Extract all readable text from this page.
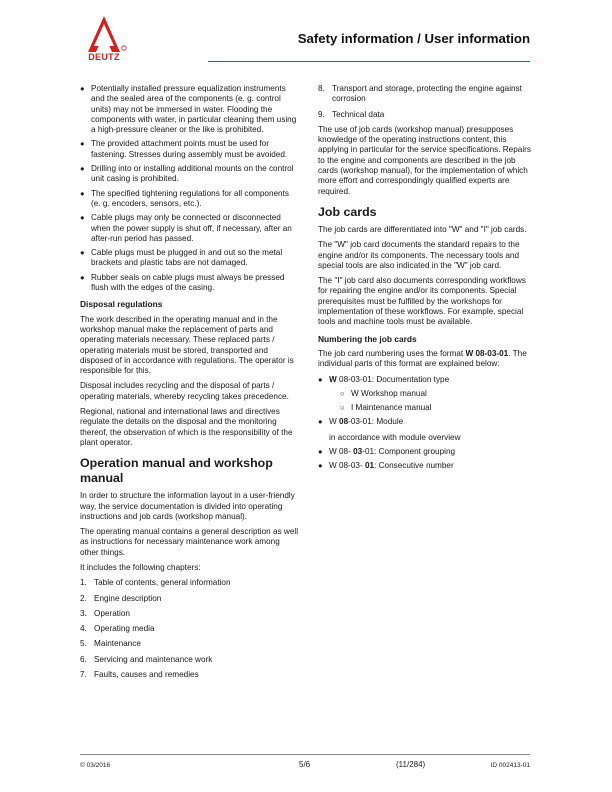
DEUTZ
Safety information / User information
● Potentially installed pressure equalization instruments and the sealed area of the components (e. g. control units) may not be immersed in water. Flooding the components with water, in particular cleaning them using a high-pressure cleaner or the like is prohibited.
● The provided attachment points must be used for fastening. Stresses during assembly must be avoided.
● Drilling into or installing additional mounts on the control unit casing is prohibited.
● The specified tightening regulations for all components (e. g. encoders, sensors, etc.).
● Cable plugs may only be connected or disconnected when the power supply is shut off, if necessary, after an after-run period has passed.
● Cable plugs must be plugged in and out so the metal brackets and plastic tabs are not damaged.
● Rubber seals on cable plugs must always be pressed flush with the edges of the casing.
Disposal regulations

The work described in the operating manual and in the workshop manual make the replacement of parts and operating materials necessary. These replaced parts / operating materials must be stored, transported and disposed of in accordance with regulations. The operator is responsible for this.

Disposal includes recycling and the disposal of parts / operating materials, whereby recycling takes precedence.

Regional, national and international laws and directives regulate the details on the disposal and the monitoring thereof, the observation of which is the responsibility of the plant operator.

Operation manual and workshop manual

In order to structure the information layout in a user-friendly way, the service documentation is divided into operating instructions and job cards (workshop manual).

The operating manual contains a general description as well as instructions for necessary maintenance work among other things.

It includes the following chapters:

1. Table of contents, general information
2. Engine description
3. Operation
4. Operating media
5. Maintenance
6. Servicing and maintenance work
7. Faults, causes and remedies
8. Transport and storage, protecting the engine against corrosion
9. Technical data

The use of job cards (workshop manual) presupposes knowledge of the operating instructions content, this applying in particular for the service specifications. Repairs to the engine and components are described in the job cards (workshop manual), for the implementation of which more effort and correspondingly qualified experts are required.

Job cards

The job cards are differentiated into "W" and "I" job cards.

The "W" job card documents the standard repairs to the engine and/or its components. The necessary tools and special tools are also indicated in the "W" job card.

The "I" job card also documents corresponding workflows for repairing the engine and/or its components. Special prerequisites must be fulfilled by the workshops for implementation of these workflows. For example, special tools and machine tools must be available.

Numbering the job cards

The job card numbering uses the format W 08-03-01. The individual parts of this format are explained below:

● W 08-03-01: Documentation type
○ W Workshop manual
○ I Maintenance manual
● W 08-03-01: Module
in accordance with module overview
● W 08- 03-01: Component grouping
● W 08-03- 01: Consecutive number
© 03/2016	5/6	(11/284)	ID 002413-01
